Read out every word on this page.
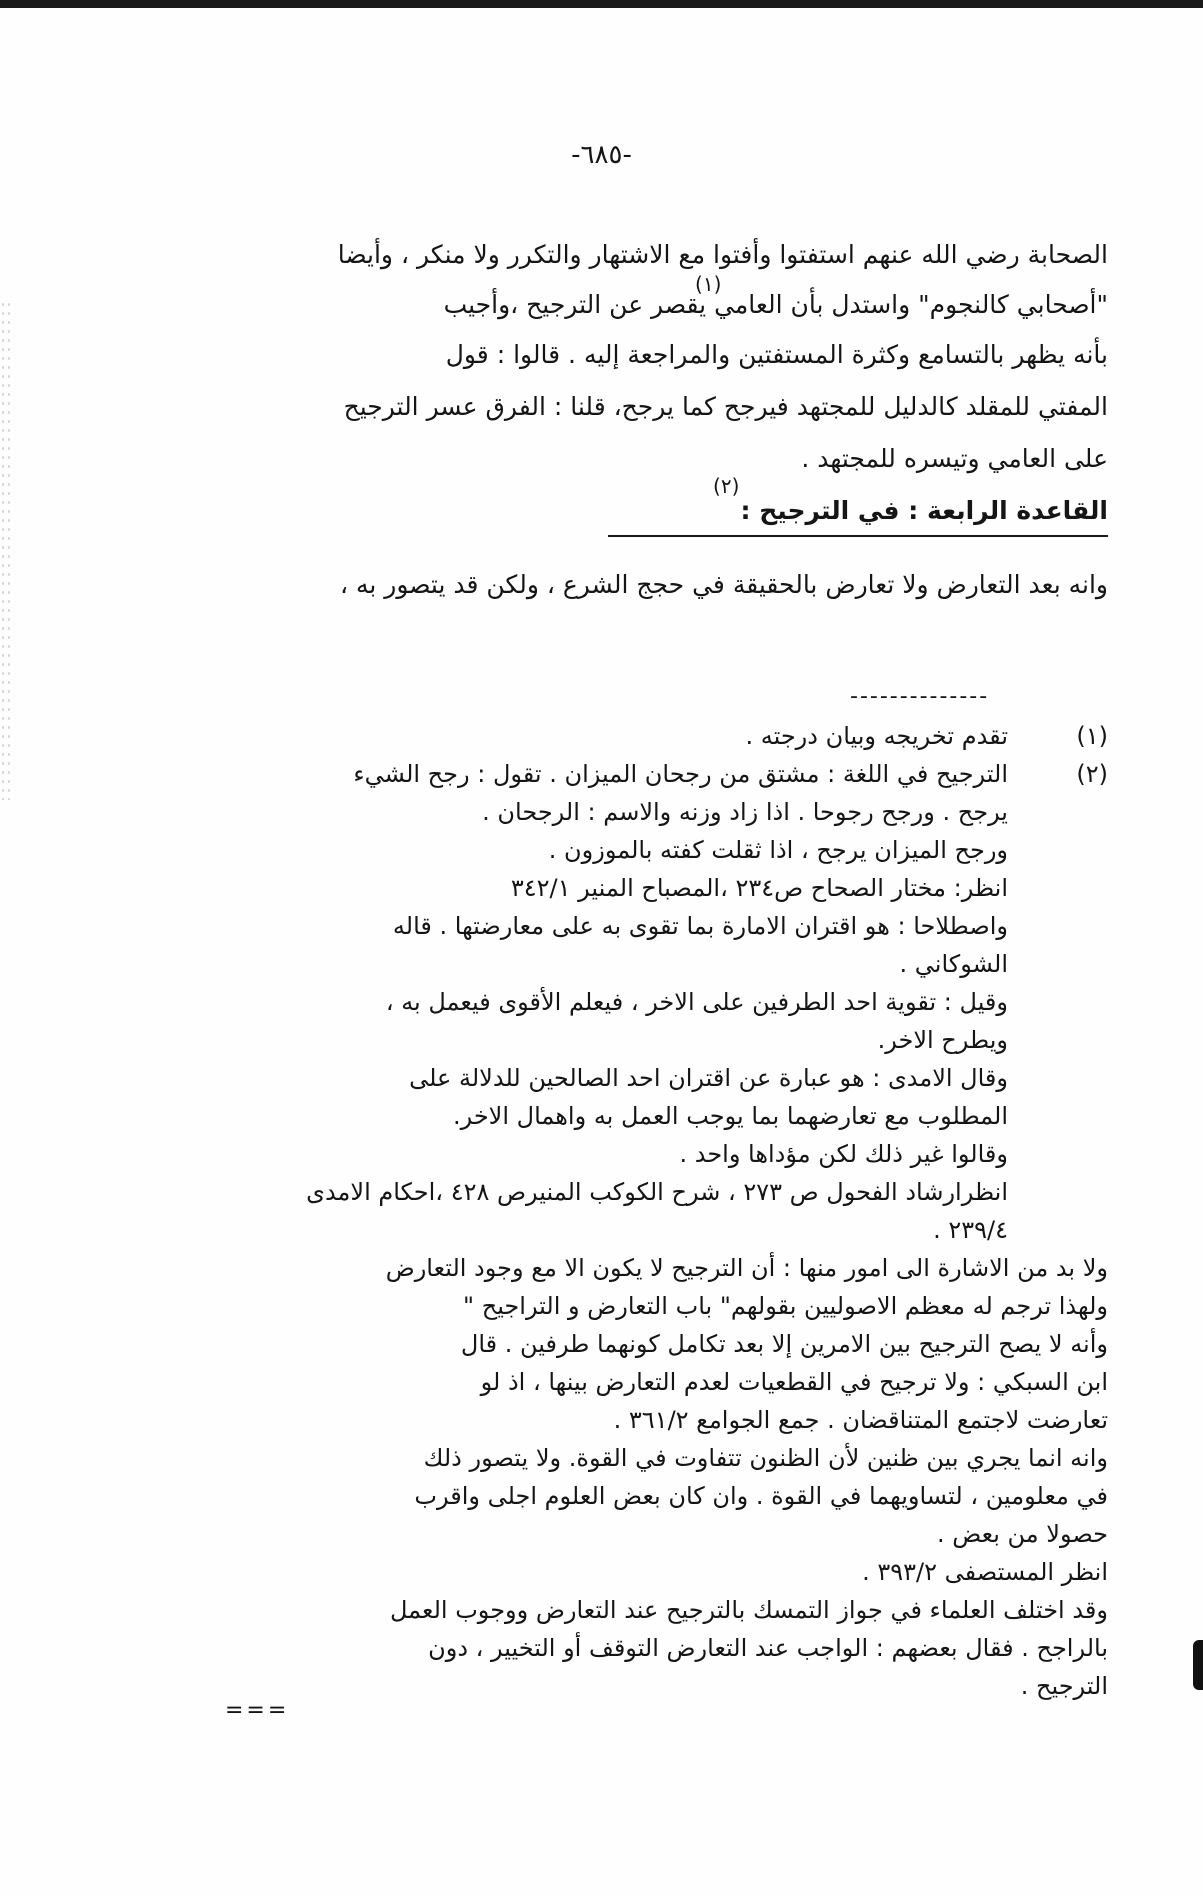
-٦٨٥-
الصحابة رضي الله عنهم استفتوا وأفتوا مع الاشتهار والتكرر ولا منكر ، وأيضا
"أصحابي كالنجوم" واستدل بأن العامي يقصر عن الترجيح ،وأجيب
(١)
بأنه يظهر بالتسامع وكثرة المستفتين والمراجعة إليه . قالوا : قول
المفتي للمقلد كالدليل للمجتهد فيرجح كما يرجح، قلنا : الفرق عسر الترجيح
على العامي وتيسره للمجتهد .
(٢)
القاعدة الرابعة : في الترجيح :
وانه بعد التعارض ولا تعارض بالحقيقة في حجج الشرع ، ولكن قد يتصور به ،
--------------
(١)
تقدم تخريجه وبيان درجته .
(٢)
الترجيح في اللغة : مشتق من رجحان الميزان . تقول : رجح الشيء
يرجح . ورجح رجوحا . اذا زاد وزنه والاسم : الرجحان .
ورجح الميزان يرجح ، اذا ثقلت كفته بالموزون .
انظر: مختار الصحاح ص٢٣٤ ،المصباح المنير ٣٤٢/١
واصطلاحا : هو اقتران الامارة بما تقوى به على معارضتها . قاله
الشوكاني .
وقيل : تقوية احد الطرفين على الاخر ، فيعلم الأقوى فيعمل به ،
ويطرح الاخر.
وقال الامدى : هو عبارة عن اقتران احد الصالحين للدلالة على
المطلوب مع تعارضهما بما يوجب العمل به واهمال الاخر.
وقالوا غير ذلك لكن مؤداها واحد .
انظرارشاد الفحول ص ٢٧٣ ، شرح الكوكب المنيرص ٤٢٨ ،احكام الامدى
٢٣٩/٤ .
ولا بد من الاشارة الى امور منها : أن الترجيح لا يكون الا مع وجود التعارض
ولهذا ترجم له معظم الاصوليين بقولهم" باب التعارض و التراجيح "
وأنه لا يصح الترجيح بين الامرين إلا بعد تكامل كونهما طرفين . قال
ابن السبكي : ولا ترجيح في القطعيات لعدم التعارض بينها ، اذ لو
تعارضت لاجتمع المتناقضان . جمع الجوامع ٣٦١/٢ .
وانه انما يجري بين ظنين لأن الظنون تتفاوت في القوة. ولا يتصور ذلك
في معلومين ، لتساويهما في القوة . وان كان بعض العلوم اجلى واقرب
حصولا من بعض .
انظر المستصفى ٣٩٣/٢ .
وقد اختلف العلماء في جواز التمسك بالترجيح عند التعارض ووجوب العمل
بالراجح . فقال بعضهم : الواجب عند التعارض التوقف أو التخيير ، دون
الترجيح .
===
